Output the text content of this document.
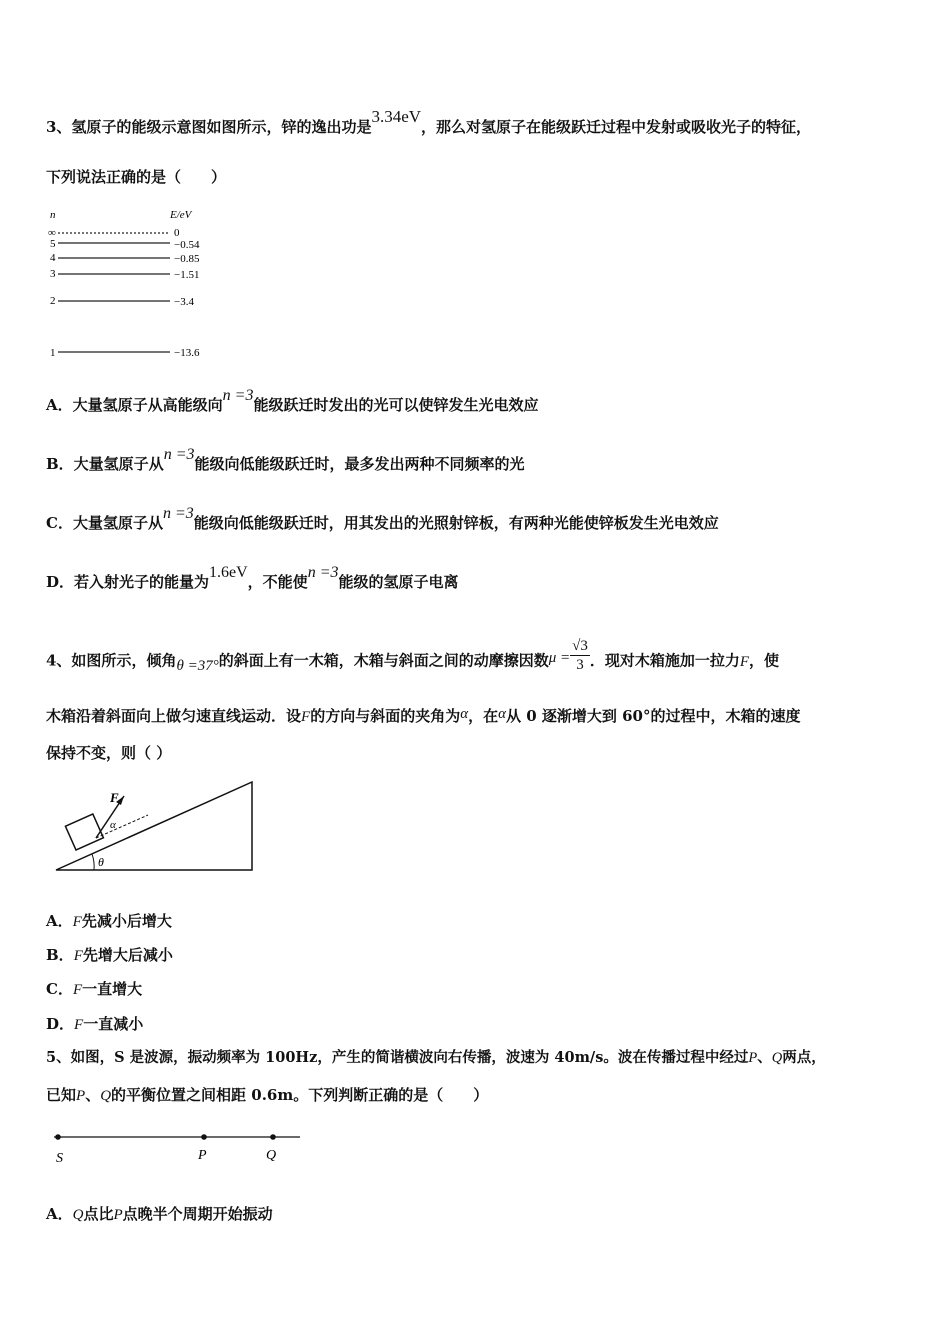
3、氢原子的能级示意图如图所示，锌的逸出功是3.34eV，那么对氢原子在能级跃迁过程中发射或吸收光子的特征，
下列说法正确的是（　　）
n	E/eV
∞	0
5	−0.54
4	−0.85
3	−1.51
2	−3.4
1	−13.6
A．大量氢原子从高能级向n =3能级跃迁时发出的光可以使锌发生光电效应
B．大量氢原子从n =3能级向低能级跃迁时，最多发出两种不同频率的光
C．大量氢原子从n =3能级向低能级跃迁时，用其发出的光照射锌板，有两种光能使锌板发生光电效应
D．若入射光子的能量为1.6eV，不能使n =3能级的氢原子电离
4、如图所示，倾角θ =37°的斜面上有一木箱，木箱与斜面之间的动摩擦因数$\mu = \frac{√3}{3}$ ．现对木箱施加一拉力F，使
木箱沿着斜面向上做匀速直线运动．设F的方向与斜面的夹角为α，在α从 0 逐渐增大到 60°的过程中，木箱的速度
保持不变，则（ ）
θ
F
α
A．F先减小后增大
B．F先增大后减小
C．F一直增大
D．F一直减小
5、如图，S 是波源，振动频率为 100Hz，产生的简谐横波向右传播，波速为 40m/s。波在传播过程中经过P、Q两点，
已知P、Q的平衡位置之间相距 0.6m。下列判断正确的是（　　）
S	P	Q
A．Q点比P点晚半个周期开始振动
